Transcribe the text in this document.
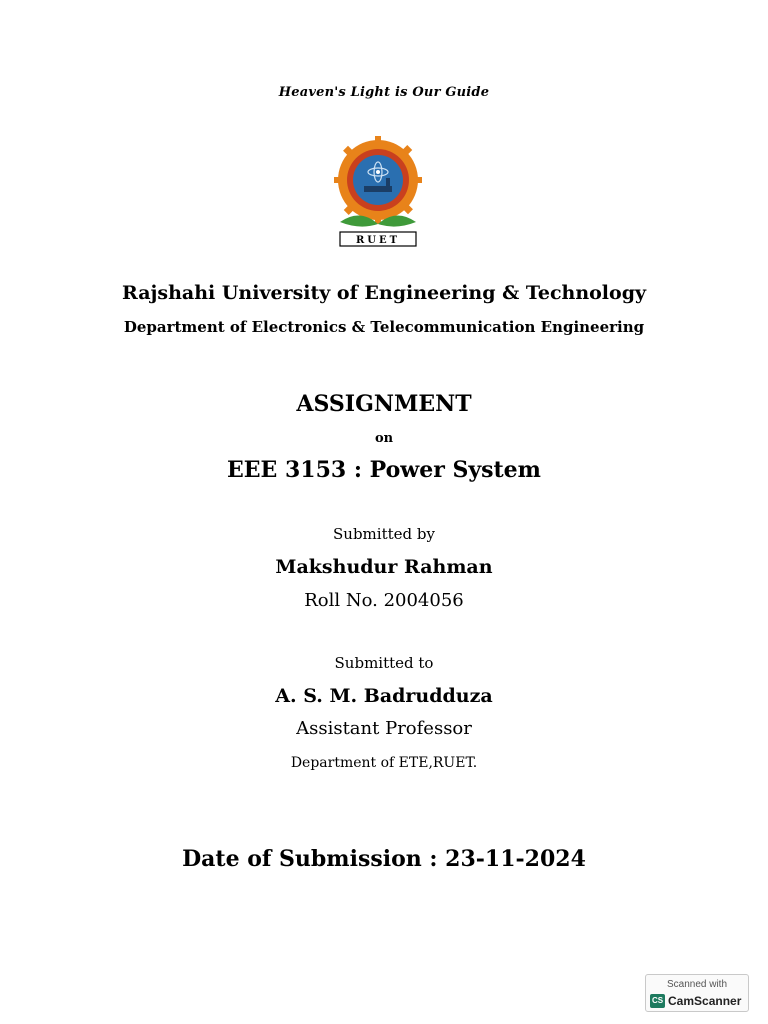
Heaven's Light is Our Guide
RUET
Rajshahi University of Engineering & Technology
Department of Electronics & Telecommunication Engineering
ASSIGNMENT
on
EEE 3153 : Power System
Submitted by
Makshudur Rahman
Roll No. 2004056
Submitted to
A. S. M. Badrudduza
Assistant Professor
Department of ETE,RUET.
Date of Submission : 23-11-2024
Scanned with
CS CamScanner
